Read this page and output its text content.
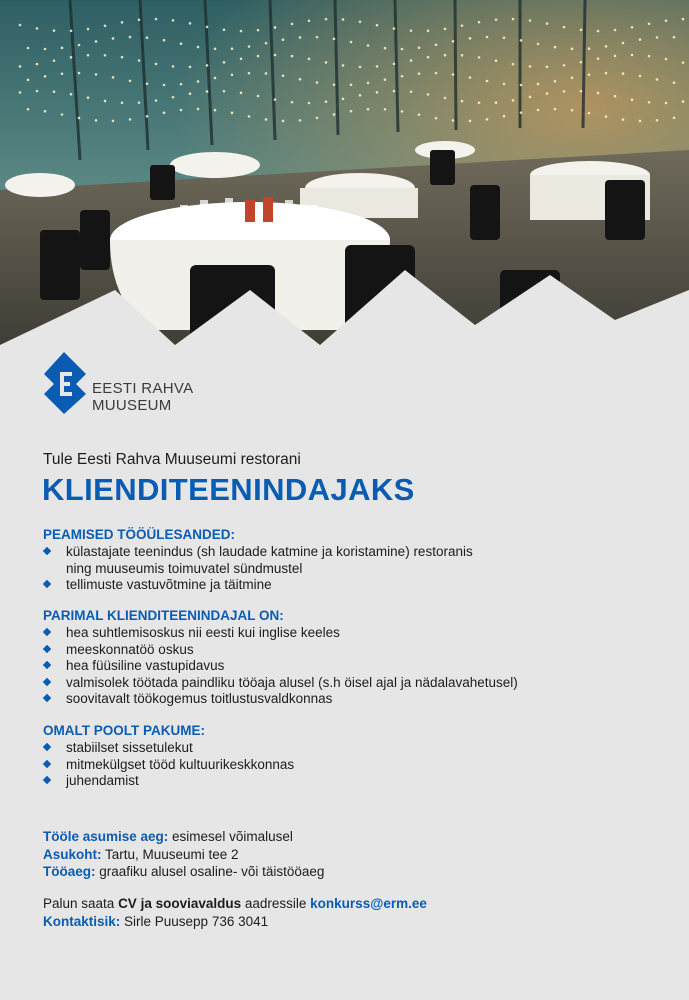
EESTI RAHVA
MUUSEUM
Tule Eesti Rahva Muuseumi restorani
KLIENDITEENINDAJAKS
PEAMISED TÖÖÜLESANDED:
külastajate teenindus (sh laudade katmine ja koristamine) restoranis
ning muuseumis toimuvatel sündmustel
tellimuste vastuvõtmine ja täitmine
PARIMAL KLIENDITEENINDAJAL ON:
hea suhtlemisoskus nii eesti kui inglise keeles
meeskonnatöö oskus
hea füüsiline vastupidavus
valmisolek töötada paindliku tööaja alusel (s.h öisel ajal ja nädalavahetusel)
soovitavalt töökogemus toitlustusvaldkonnas
OMALT POOLT PAKUME:
stabiilset sissetulekut
mitmekülgset tööd kultuurikeskkonnas
juhendamist
Tööle asumise aeg: esimesel võimalusel
Asukoht: Tartu, Muuseumi tee 2
Tööaeg: graafiku alusel osaline- või täistööaeg
Palun saata CV ja sooviavaldus aadressile konkurss@erm.ee
Kontaktisik: Sirle Puusepp 736 3041
